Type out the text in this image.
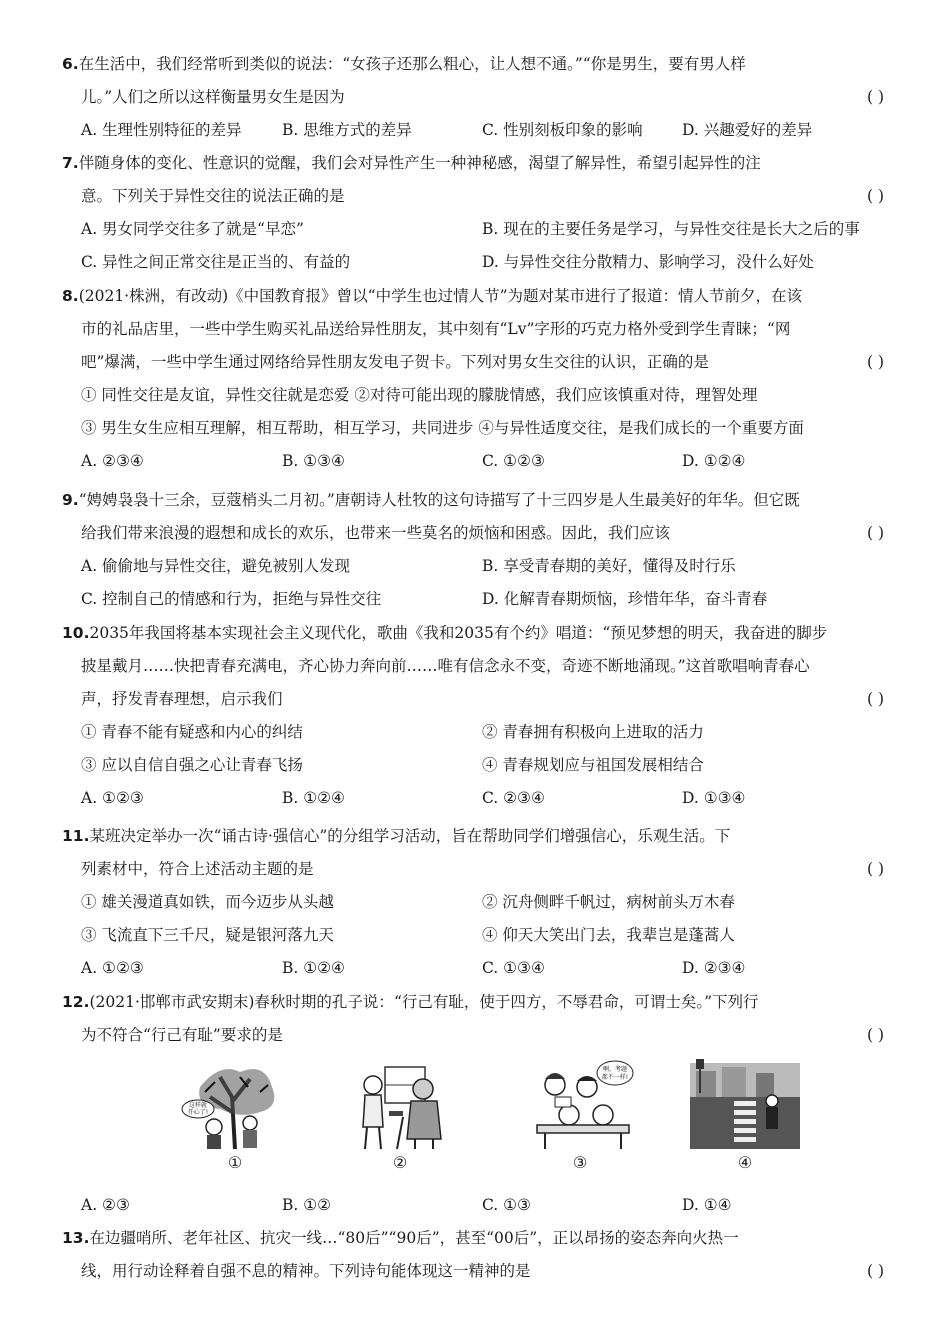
6.在生活中，我们经常听到类似的说法：“女孩子还那么粗心，让人想不通。”“你是男生，要有男人样
儿。”人们之所以这样衡量男女生是因为	( )
A. 生理性别特征的差异	B. 思维方式的差异	C. 性别刻板印象的影响	D. 兴趣爱好的差异
7.伴随身体的变化、性意识的觉醒，我们会对异性产生一种神秘感，渴望了解异性，希望引起异性的注
意。下列关于异性交往的说法正确的是	( )
A. 男女同学交往多了就是“早恋”	B. 现在的主要任务是学习，与异性交往是长大之后的事
C. 异性之间正常交往是正当的、有益的	D. 与异性交往分散精力、影响学习，没什么好处
8.(2021·株洲，有改动)《中国教育报》曾以“中学生也过情人节”为题对某市进行了报道：情人节前夕，在该
市的礼品店里，一些中学生购买礼品送给异性朋友，其中刻有“Lv”字形的巧克力格外受到学生青睐；“网
吧”爆满，一些中学生通过网络给异性朋友发电子贺卡。下列对男女生交往的认识，正确的是	( )
① 同性交往是友谊，异性交往就是恋爱 ②对待可能出现的朦胧情感，我们应该慎重对待，理智处理
③ 男生女生应相互理解，相互帮助，相互学习，共同进步 ④与异性适度交往，是我们成长的一个重要方面
A. ②③④	B. ①③④	C. ①②③	D. ①②④
9.“娉娉袅袅十三余，豆蔻梢头二月初。”唐朝诗人杜牧的这句诗描写了十三四岁是人生最美好的年华。但它既
给我们带来浪漫的遐想和成长的欢乐，也带来一些莫名的烦恼和困惑。因此，我们应该	( )
A. 偷偷地与异性交往，避免被别人发现	B. 享受青春期的美好，懂得及时行乐
C. 控制自己的情感和行为，拒绝与异性交往	D. 化解青春期烦恼，珍惜年华，奋斗青春
10.2035年我国将基本实现社会主义现代化，歌曲《我和2035有个约》唱道：“预见梦想的明天，我奋进的脚步
披星戴月……快把青春充满电，齐心协力奔向前……唯有信念永不变，奇迹不断地涌现。”这首歌唱响青春心
声，抒发青春理想，启示我们	( )
① 青春不能有疑惑和内心的纠结	② 青春拥有积极向上进取的活力
③ 应以自信自强之心让青春飞扬	④ 青春规划应与祖国发展相结合
A. ①②③	B. ①②④	C. ②③④	D. ①③④
11.某班决定举办一次“诵古诗·强信心”的分组学习活动，旨在帮助同学们增强信心，乐观生活。下
列素材中，符合上述活动主题的是	( )
① 雄关漫道真如铁，而今迈步从头越	② 沉舟侧畔千帆过，病树前头万木春
③ 飞流直下三千尺，疑是银河落九天	④ 仰天大笑出门去，我辈岂是蓬蒿人
A. ①②③	B. ①②④	C. ①③④	D. ②③④
12.(2021·邯郸市武安期末)春秋时期的孔子说：“行己有耻，使于四方，不辱君命，可谓士矣。”下列行
为不符合“行己有耻”要求的是	( )
这样就
开心了!
①	②
啊，考题
都不一样!
③	④
A. ②③	B. ①②	C. ①③	D. ①④
13.在边疆哨所、老年社区、抗灾一线…“80后”“90后”，甚至“00后”，正以昂扬的姿态奔向火热一
线，用行动诠释着自强不息的精神。下列诗句能体现这一精神的是	( )
